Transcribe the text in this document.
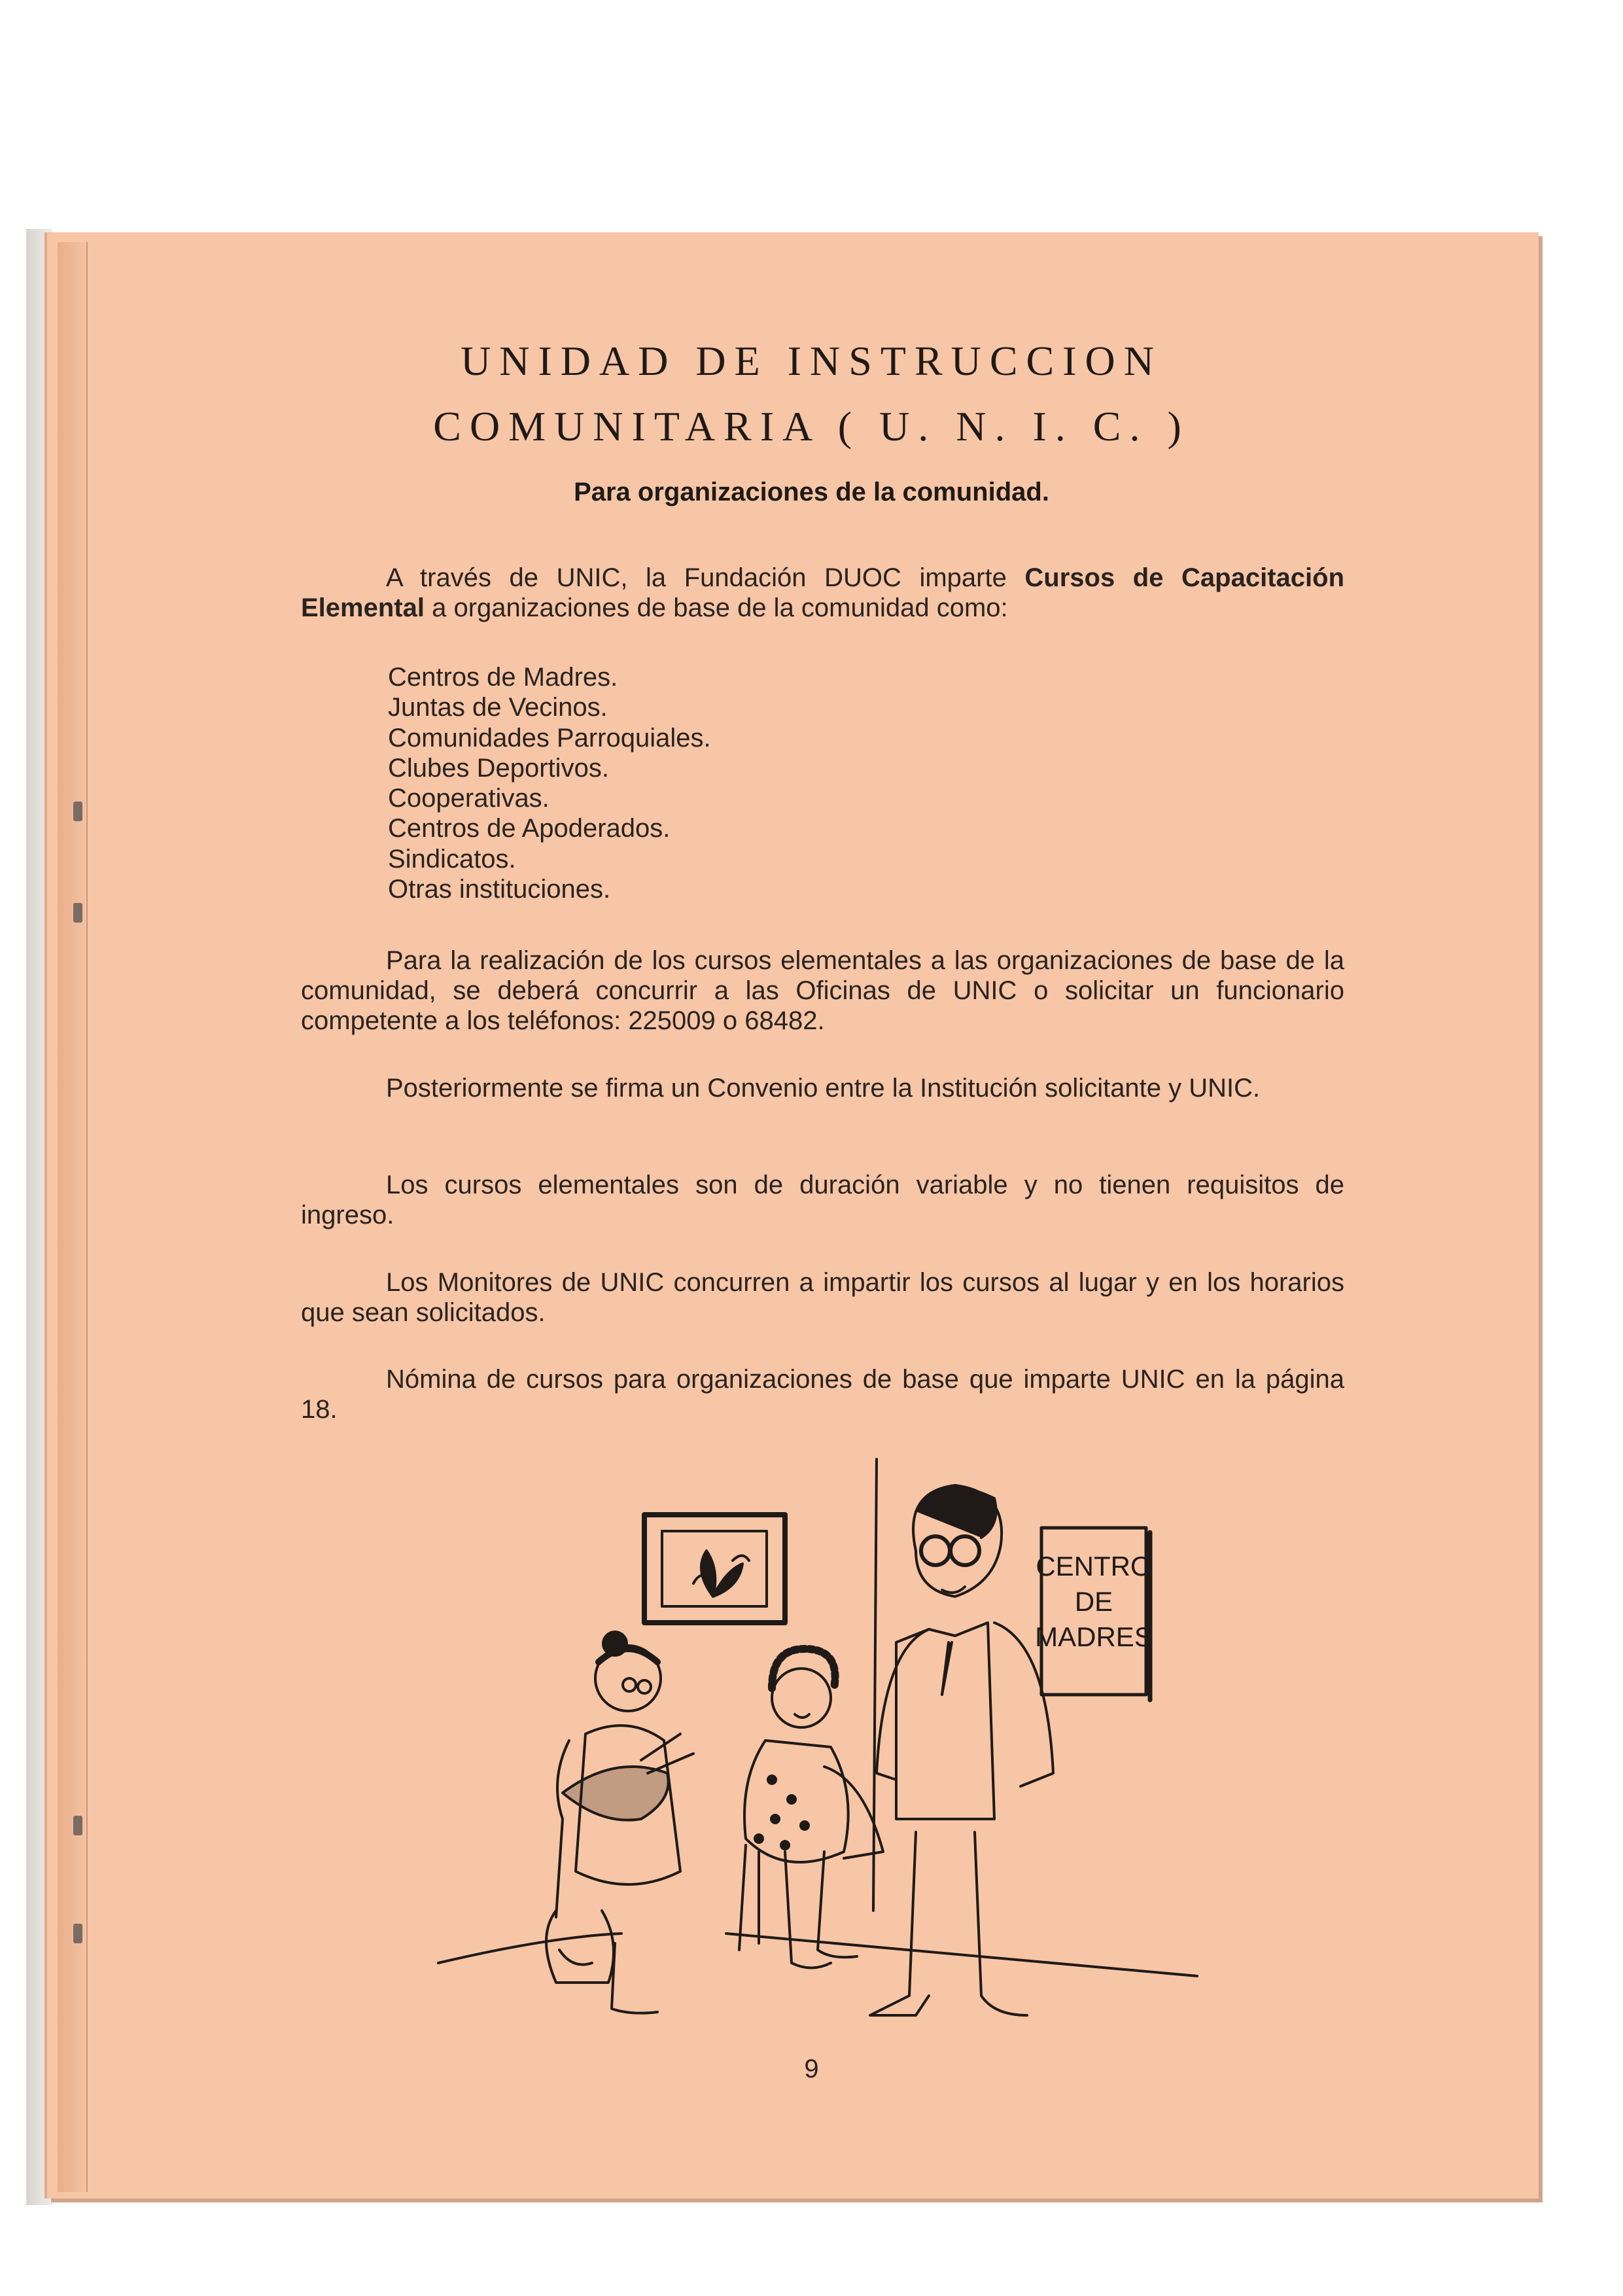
UNIDAD DE INSTRUCCION
COMUNITARIA ( U. N. I. C. )
Para organizaciones de la comunidad.
A través de UNIC, la Fundación DUOC imparte Cursos de Capacitación Elemental a organizaciones de base de la comunidad como:
Centros de Madres.
Juntas de Vecinos.
Comunidades Parroquiales.
Clubes Deportivos.
Cooperativas.
Centros de Apoderados.
Sindicatos.
Otras instituciones.
Para la realización de los cursos elementales a las organizaciones de base de la comunidad, se deberá concurrir a las Oficinas de UNIC o solicitar un funcionario competente a los teléfonos: 225009 o 68482.
Posteriormente se firma un Convenio entre la Institución solicitante y UNIC.
Los cursos elementales son de duración variable y no tienen requisitos de ingreso.
Los Monitores de UNIC concurren a impartir los cursos al lugar y en los horarios que sean solicitados.
Nómina de cursos para organizaciones de base que imparte UNIC en la página 18.
CENTRO
DE
MADRES
9
